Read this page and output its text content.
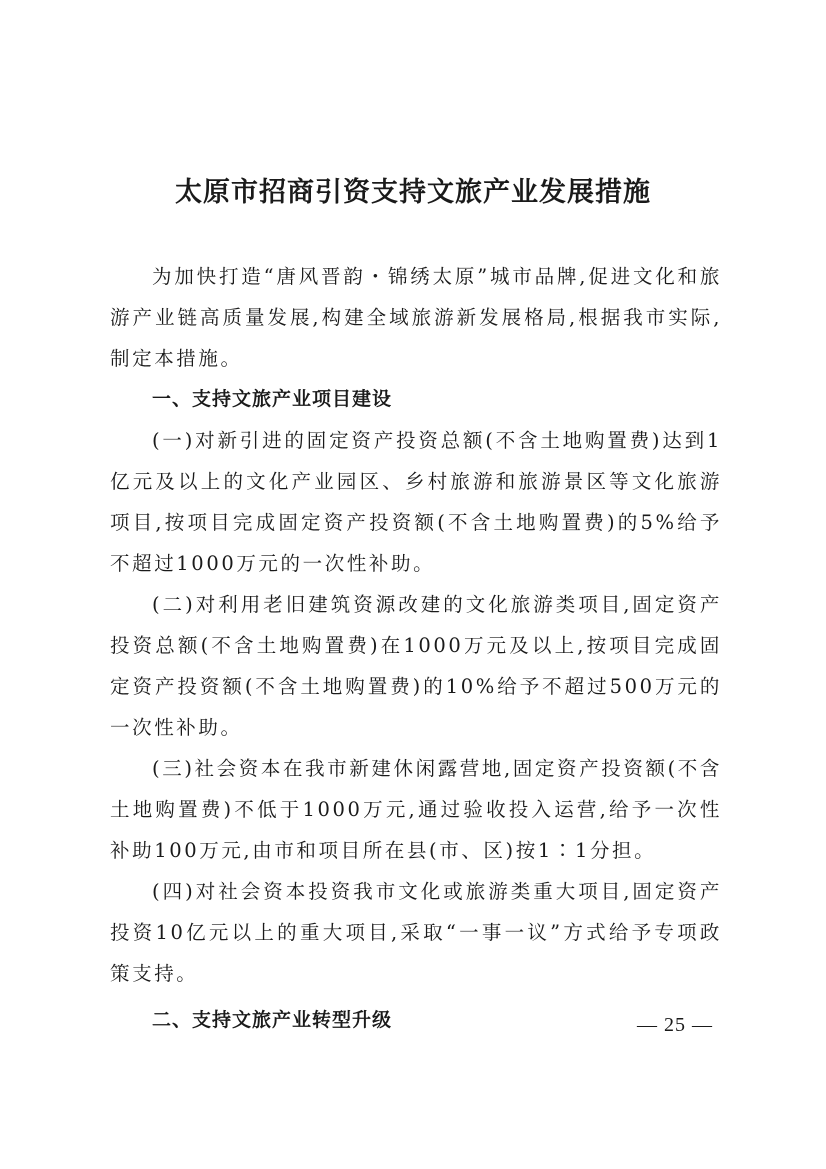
太原市招商引资支持文旅产业发展措施

为加快打造“唐风晋韵・锦绣太原”城市品牌,促进文化和旅游产业链高质量发展,构建全域旅游新发展格局,根据我市实际,制定本措施。

一、支持文旅产业项目建设

(一)对新引进的固定资产投资总额(不含土地购置费)达到1亿元及以上的文化产业园区、乡村旅游和旅游景区等文化旅游项目,按项目完成固定资产投资额(不含土地购置费)的5%给予不超过1000万元的一次性补助。

(二)对利用老旧建筑资源改建的文化旅游类项目,固定资产投资总额(不含土地购置费)在1000万元及以上,按项目完成固定资产投资额(不含土地购置费)的10%给予不超过500万元的一次性补助。

(三)社会资本在我市新建休闲露营地,固定资产投资额(不含土地购置费)不低于1000万元,通过验收投入运营,给予一次性补助100万元,由市和项目所在县(市、区)按1∶1分担。

(四)对社会资本投资我市文化或旅游类重大项目,固定资产投资10亿元以上的重大项目,采取“一事一议”方式给予专项政策支持。

二、支持文旅产业转型升级	— 25 —
